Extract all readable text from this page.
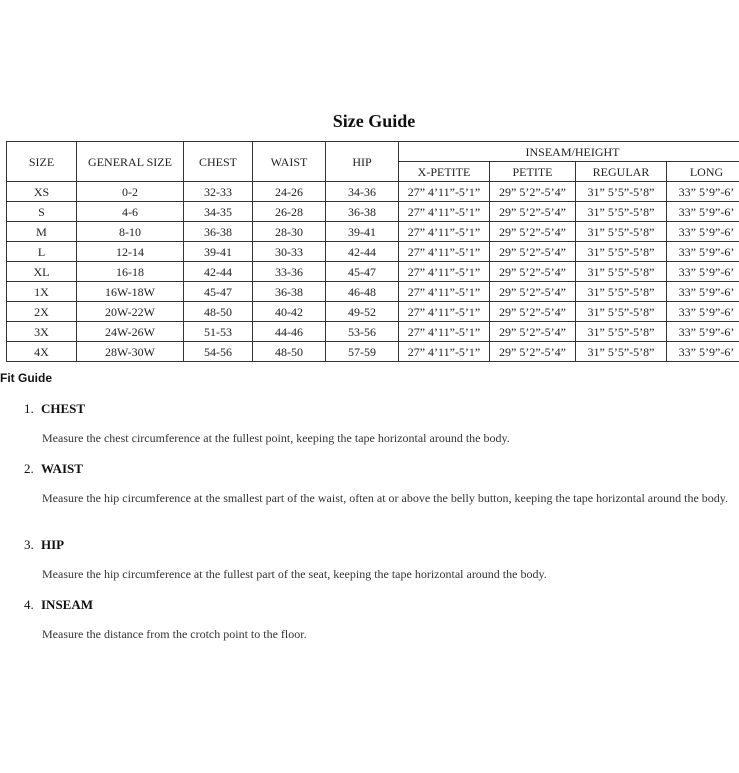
Size Guide
SIZE	GENERAL SIZE	CHEST	WAIST	HIP	INSEAM/HEIGHT			
					X-PETITE	PETITE	REGULAR	LONG
XS	0-2	32-33	24-26	34-36	27” 4’11”-5’1”	29” 5’2”-5’4”	31” 5’5”-5’8”	33” 5’9”-6’
S	4-6	34-35	26-28	36-38	27” 4’11”-5’1”	29” 5’2”-5’4”	31” 5’5”-5’8”	33” 5’9”-6’
M	8-10	36-38	28-30	39-41	27” 4’11”-5’1”	29” 5’2”-5’4”	31” 5’5”-5’8”	33” 5’9”-6’
L	12-14	39-41	30-33	42-44	27” 4’11”-5’1”	29” 5’2”-5’4”	31” 5’5”-5’8”	33” 5’9”-6’
XL	16-18	42-44	33-36	45-47	27” 4’11”-5’1”	29” 5’2”-5’4”	31” 5’5”-5’8”	33” 5’9”-6’
1X	16W-18W	45-47	36-38	46-48	27” 4’11”-5’1”	29” 5’2”-5’4”	31” 5’5”-5’8”	33” 5’9”-6’
2X	20W-22W	48-50	40-42	49-52	27” 4’11”-5’1”	29” 5’2”-5’4”	31” 5’5”-5’8”	33” 5’9”-6’
3X	24W-26W	51-53	44-46	53-56	27” 4’11”-5’1”	29” 5’2”-5’4”	31” 5’5”-5’8”	33” 5’9”-6’
4X	28W-30W	54-56	48-50	57-59	27” 4’11”-5’1”	29” 5’2”-5’4”	31” 5’5”-5’8”	33” 5’9”-6’
Fit Guide
1. CHEST
Measure the chest circumference at the fullest point, keeping the tape horizontal around the body.
2. WAIST
Measure the hip circumference at the smallest part of the waist, often at or above the belly button, keeping the tape horizontal around the body.
3. HIP
Measure the hip circumference at the fullest part of the seat, keeping the tape horizontal around the body.
4. INSEAM
Measure the distance from the crotch point to the floor.
